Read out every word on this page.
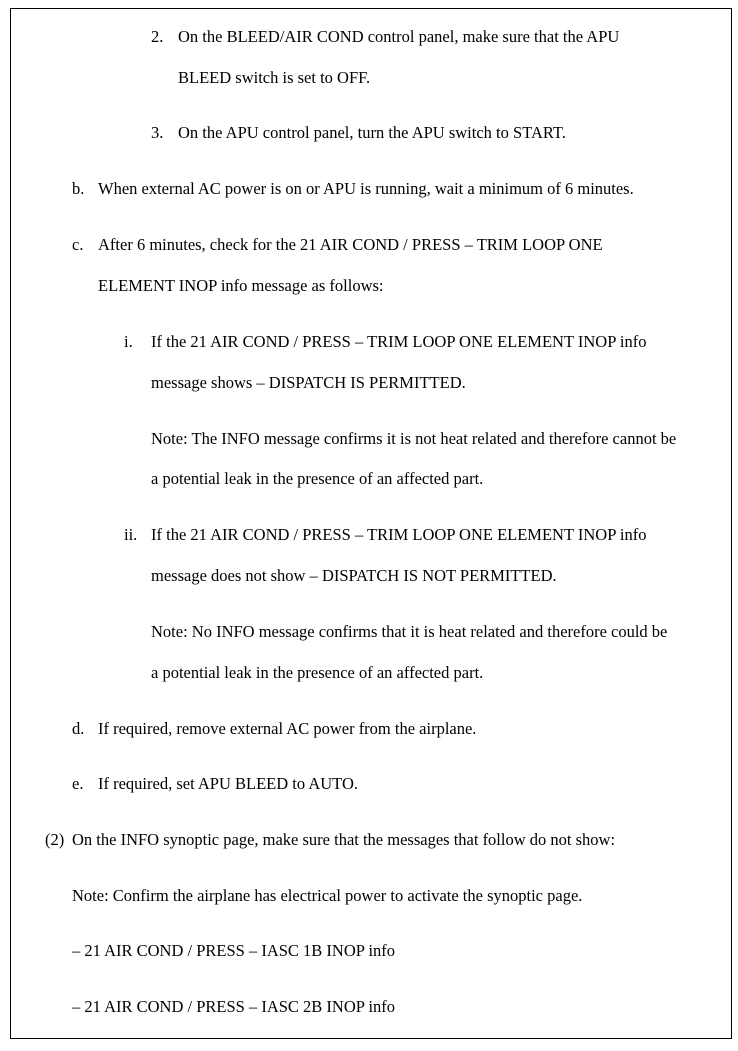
2. On the BLEED/AIR COND control panel, make sure that the APU
BLEED switch is set to OFF.
3. On the APU control panel, turn the APU switch to START.
b. When external AC power is on or APU is running, wait a minimum of 6 minutes.
c. After 6 minutes, check for the 21 AIR COND / PRESS – TRIM LOOP ONE
ELEMENT INOP info message as follows:
i. If the 21 AIR COND / PRESS – TRIM LOOP ONE ELEMENT INOP info
message shows – DISPATCH IS PERMITTED.
Note: The INFO message confirms it is not heat related and therefore cannot be
a potential leak in the presence of an affected part.
ii. If the 21 AIR COND / PRESS – TRIM LOOP ONE ELEMENT INOP info
message does not show – DISPATCH IS NOT PERMITTED.
Note: No INFO message confirms that it is heat related and therefore could be
a potential leak in the presence of an affected part.
d. If required, remove external AC power from the airplane.
e. If required, set APU BLEED to AUTO.
(2) On the INFO synoptic page, make sure that the messages that follow do not show:
Note: Confirm the airplane has electrical power to activate the synoptic page.
– 21 AIR COND / PRESS – IASC 1B INOP info
– 21 AIR COND / PRESS – IASC 2B INOP info
